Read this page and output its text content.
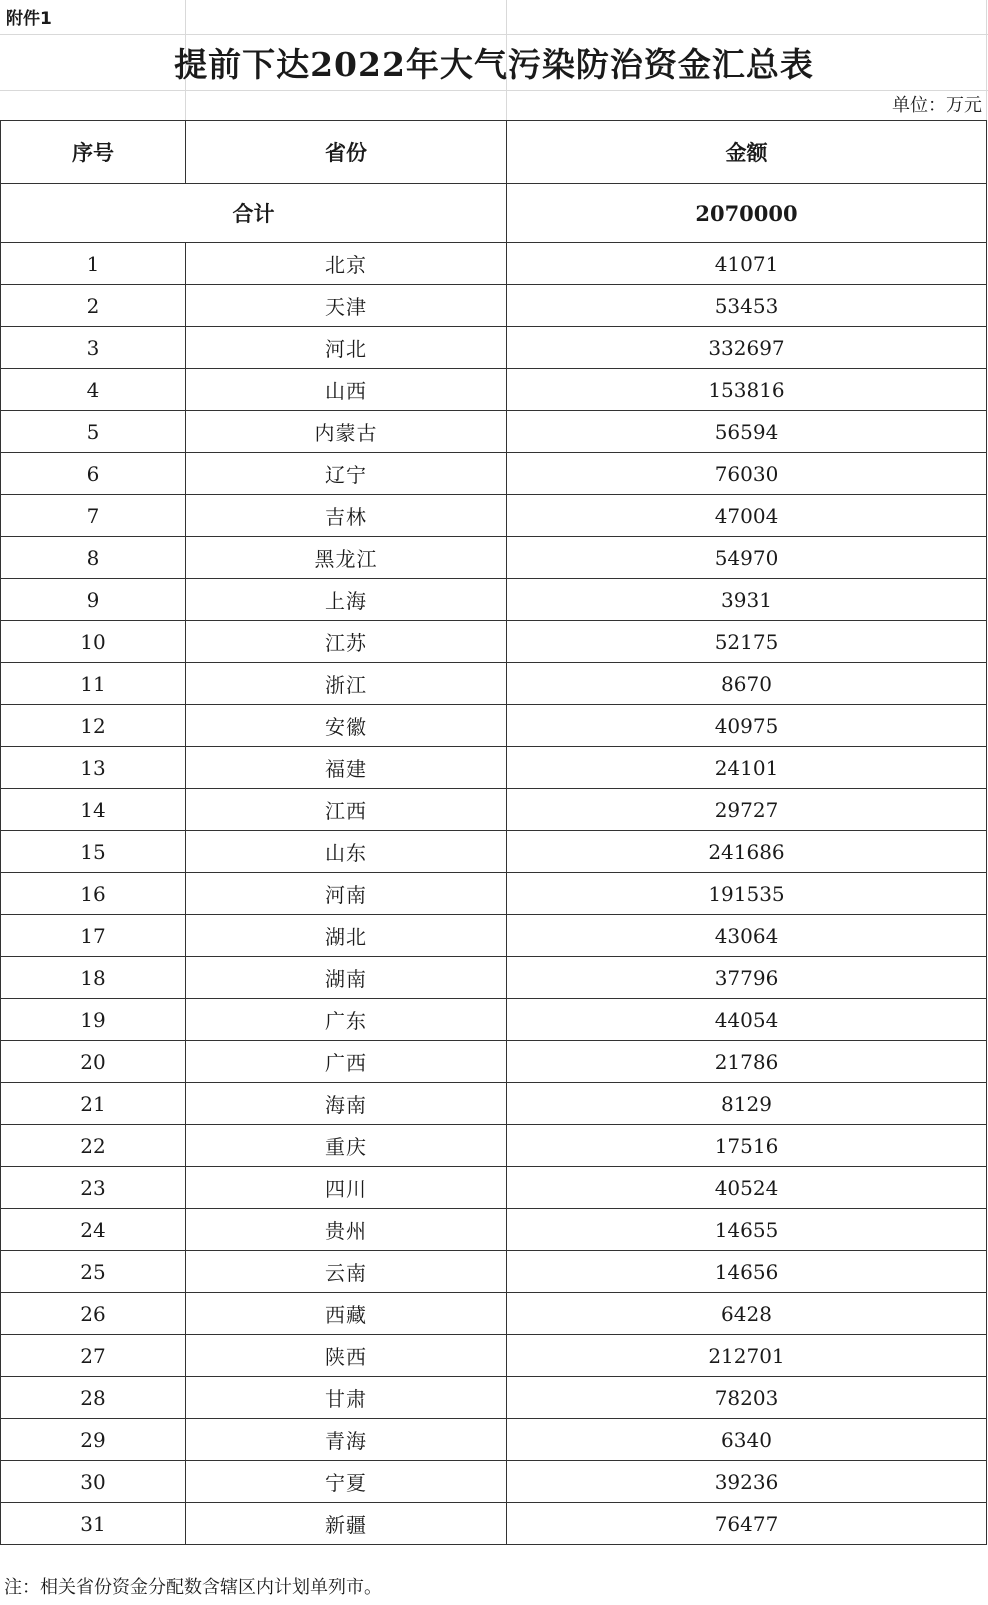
附件1
提前下达2022年大气污染防治资金汇总表
单位：万元
序号	省份	金额
合计		2070000
1	北京	41071
2	天津	53453
3	河北	332697
4	山西	153816
5	内蒙古	56594
6	辽宁	76030
7	吉林	47004
8	黑龙江	54970
9	上海	3931
10	江苏	52175
11	浙江	8670
12	安徽	40975
13	福建	24101
14	江西	29727
15	山东	241686
16	河南	191535
17	湖北	43064
18	湖南	37796
19	广东	44054
20	广西	21786
21	海南	8129
22	重庆	17516
23	四川	40524
24	贵州	14655
25	云南	14656
26	西藏	6428
27	陕西	212701
28	甘肃	78203
29	青海	6340
30	宁夏	39236
31	新疆	76477
注：相关省份资金分配数含辖区内计划单列市。
